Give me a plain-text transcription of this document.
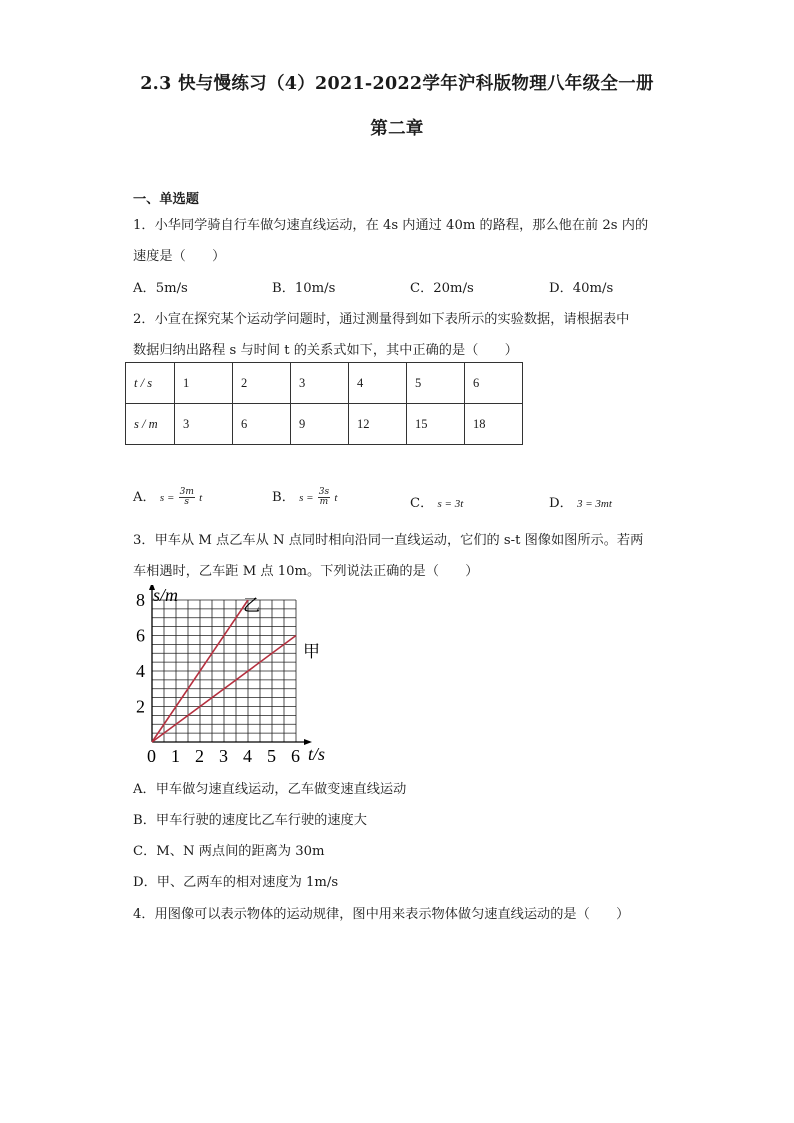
2.3 快与慢练习（4）2021-2022学年沪科版物理八年级全一册
第二章
一、单选题
1．小华同学骑自行车做匀速直线运动，在 4s 内通过 40m 的路程，那么他在前 2s 内的
速度是（　　）
A．5m/s	B．10m/s	C．20m/s	D．40m/s
2．小宣在探究某个运动学问题时，通过测量得到如下表所示的实验数据，请根据表中
数据归纳出路程 s 与时间 t 的关系式如下，其中正确的是（　　）
t / s	1	2	3	4	5	6
s / m	3	6	9	12	15	18
A． $s = \frac{3m}{s}$ t	B． $s = \frac{3s}{m}$ t	C． s = 3t	D． 3 = 3mt
3．甲车从 M 点乙车从 N 点同时相向沿同一直线运动，它们的 s-t 图像如图所示。若两
车相遇时，乙车距 M 点 10m。下列说法正确的是（　　）
0 1 2 3 4 5 6
2
4
6
8 s/m
t/s
乙
甲
A．甲车做匀速直线运动，乙车做变速直线运动
B．甲车行驶的速度比乙车行驶的速度大
C．M、N 两点间的距离为 30m
D．甲、乙两车的相对速度为 1m/s
4．用图像可以表示物体的运动规律，图中用来表示物体做匀速直线运动的是（　　）
